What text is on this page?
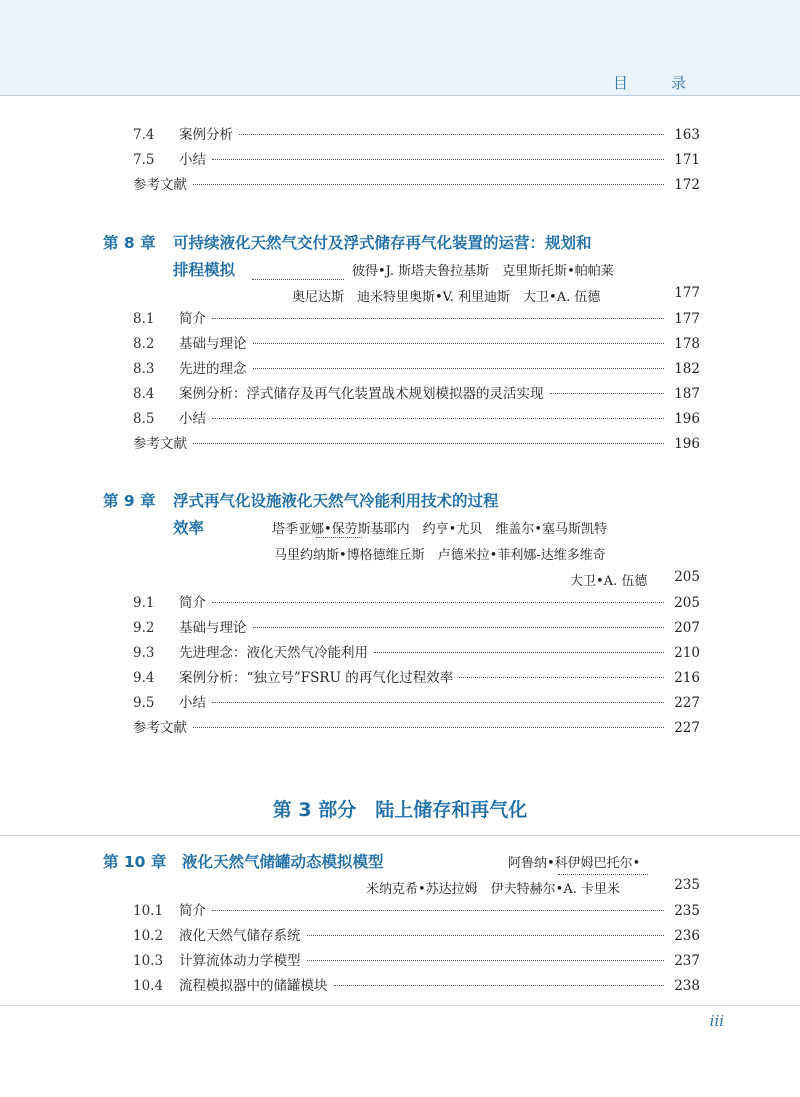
目　录
7.4	案例分析	163
7.5	小结	171
参考文献	172
第 8 章 可持续液化天然气交付及浮式储存再气化装置的运营：规划和
排程模拟
	彼得•J. 斯塔夫鲁拉基斯　克里斯托斯•帕帕莱
奥尼达斯　迪米特里奥斯•V. 利里迪斯　大卫•A. 伍德	177
8.1	简介	177
8.2	基础与理论	178
8.3	先进的理念	182
8.4	案例分析：浮式储存及再气化装置战术规划模拟器的灵活实现	187
8.5	小结	196
参考文献	196
第 9 章 浮式再气化设施液化天然气冷能利用技术的过程
效率
	塔季亚娜•保劳斯基耶内　约亨•尤贝　维盖尔•塞马斯凯特
马里约纳斯•博格德维丘斯　卢德米拉•菲利娜-达维多维奇
大卫•A. 伍德	205
9.1	简介	205
9.2	基础与理论	207
9.3	先进理念：液化天然气冷能利用	210
9.4	案例分析：“独立号”FSRU 的再气化过程效率	216
9.5	小结	227
参考文献	227
第 3 部分　陆上储存和再气化
第 10 章 液化天然气储罐动态模拟模型	阿鲁纳•科伊姆巴托尔•
米纳克希•苏达拉姆　伊夫特赫尔•A. 卡里米	235
10.1	简介	235
10.2	液化天然气储存系统	236
10.3	计算流体动力学模型	237
10.4	流程模拟器中的储罐模块	238
iii
